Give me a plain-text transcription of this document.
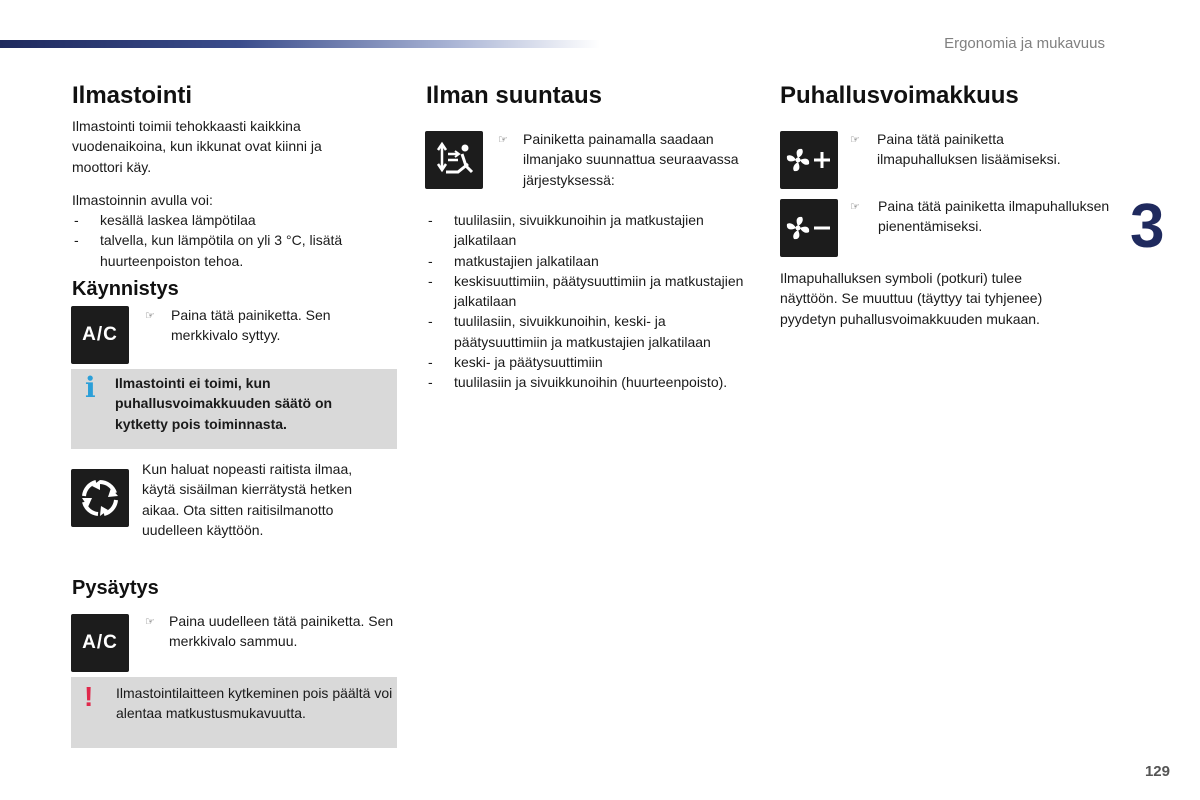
Ergonomia ja mukavuus
3
129
Ilmastointi

Ilmastointi toimii tehokkaasti kaikkina vuodenaikoina, kun ikkunat ovat kiinni ja moottori käy.

Ilmastoinnin avulla voi:

- kesällä laskea lämpötilaa
- talvella, kun lämpötila on yli 3 °C, lisätä huurteenpoiston tehoa.
Käynnistys
A/C
☞ Paina tätä painiketta. Sen merkkivalo syttyy.

i Ilmastointi ei toimi, kun puhallusvoimakkuuden säätö on kytketty pois toiminnasta.

Kun haluat nopeasti raitista ilmaa, käytä sisäilman kierrätystä hetken aikaa. Ota sitten raitisilmanotto uudelleen käyttöön.

Pysäytys
A/C
☞ Paina uudelleen tätä painiketta. Sen merkkivalo sammuu.

! Ilmastointilaitteen kytkeminen pois päältä voi alentaa matkustusmukavuutta.
Ilman suuntaus
☞ Painiketta painamalla saadaan ilmanjako suunnattua seuraavassa järjestyksessä:

- tuulilasiin, sivuikkunoihin ja matkustajien jalkatilaan
- matkustajien jalkatilaan
- keskisuuttimiin, päätysuuttimiin ja matkustajien jalkatilaan
- tuulilasiin, sivuikkunoihin, keski- ja päätysuuttimiin ja matkustajien jalkatilaan
- keski- ja päätysuuttimiin
- tuulilasiin ja sivuikkunoihin (huurteenpoisto).
Puhallusvoimakkuus
☞ Paina tätä painiketta ilmapuhalluksen lisäämiseksi.

☞ Paina tätä painiketta ilmapuhalluksen pienentämiseksi.

Ilmapuhalluksen symboli (potkuri) tulee näyttöön. Se muuttuu (täyttyy tai tyhjenee) pyydetyn puhallusvoimakkuuden mukaan.
